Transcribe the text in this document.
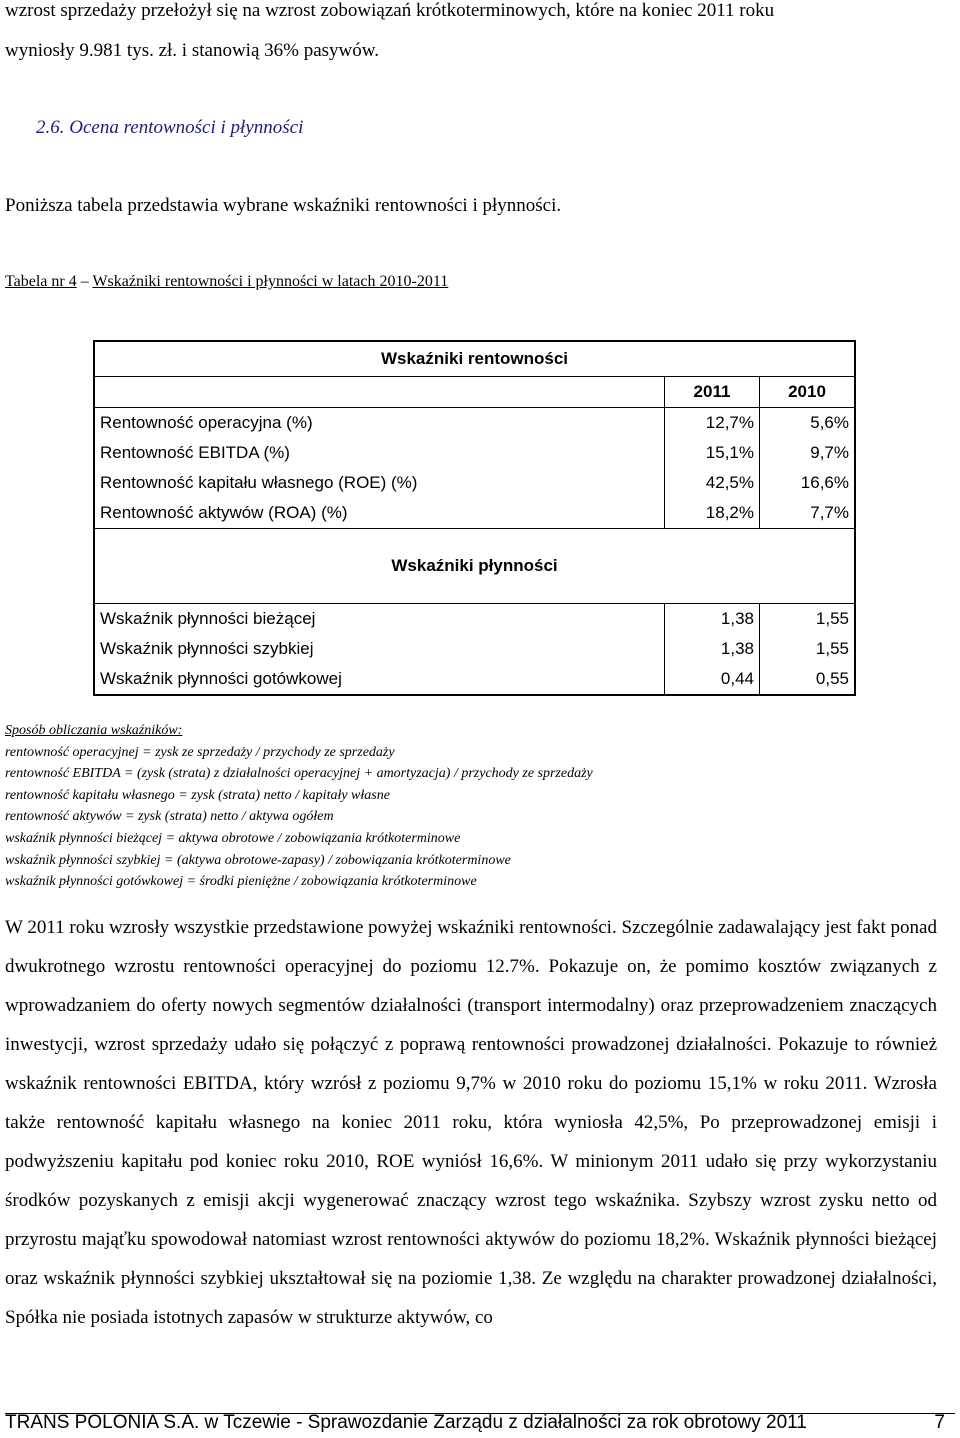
wzrost sprzedaży przełożył się na wzrost zobowiązań krótkoterminowych, które na koniec 2011 roku
wyniosły 9.981 tys. zł. i stanowią 36% pasywów.
2.6. Ocena rentowności i płynności
Poniższa tabela przedstawia wybrane wskaźniki rentowności i płynności.
Tabela nr 4 – Wskaźniki rentowności i płynności w latach 2010-2011
Wskaźniki rentowności		
	2011	2010
Rentowność operacyjna (%)	12,7%	5,6%
Rentowność EBITDA (%)	15,1%	9,7%
Rentowność kapitału własnego (ROE) (%)	42,5%	16,6%
Rentowność aktywów (ROA) (%)	18,2%	7,7%

Wskaźniki płynności		

Wskaźnik płynności bieżącej	1,38	1,55
Wskaźnik płynności szybkiej	1,38	1,55
Wskaźnik płynności gotówkowej	0,44	0,55
Sposób obliczania wskaźników:
rentowność operacyjnej = zysk ze sprzedaży / przychody ze sprzedaży
rentowność EBITDA = (zysk (strata) z działalności operacyjnej + amortyzacja) / przychody ze sprzedaży
rentowność kapitału własnego = zysk (strata) netto / kapitały własne
rentowność aktywów = zysk (strata) netto / aktywa ogółem
wskaźnik płynności bieżącej = aktywa obrotowe / zobowiązania krótkoterminowe
wskaźnik płynności szybkiej = (aktywa obrotowe-zapasy) / zobowiązania krótkoterminowe
wskaźnik płynności gotówkowej = środki pieniężne / zobowiązania krótkoterminowe

W 2011 roku wzrosły wszystkie przedstawione powyżej wskaźniki rentowności. Szczególnie zadawalający jest fakt ponad dwukrotnego wzrostu rentowności operacyjnej do poziomu 12.7%. Pokazuje on, że pomimo kosztów związanych z wprowadzaniem do oferty nowych segmentów działalności (transport intermodalny) oraz przeprowadzeniem znaczących inwestycji, wzrost sprzedaży udało się połączyć z poprawą rentowności prowadzonej działalności. Pokazuje to również wskaźnik rentowności EBITDA, który wzrósł z poziomu 9,7% w 2010 roku do poziomu 15,1% w roku 2011. Wzrosła także rentowność kapitału własnego na koniec 2011 roku, która wyniosła 42,5%, Po przeprowadzonej emisji i podwyższeniu kapitału pod koniec roku 2010, ROE wyniósł 16,6%. W minionym 2011 udało się przy wykorzystaniu środków pozyskanych z emisji akcji wygenerować znaczący wzrost tego wskaźnika. Szybszy wzrost zysku netto od przyrostu mająťku spowodował natomiast wzrost rentowności aktywów do poziomu 18,2%. Wskaźnik płynności bieżącej oraz wskaźnik płynności szybkiej ukształtował się na poziomie 1,38. Ze względu na charakter prowadzonej działalności, Spółka nie posiada istotnych zapasów w strukturze aktywów, co

TRANS POLONIA S.A. w Tczewie - Sprawozdanie Zarządu z działalności za rok obrotowy 2011	7
